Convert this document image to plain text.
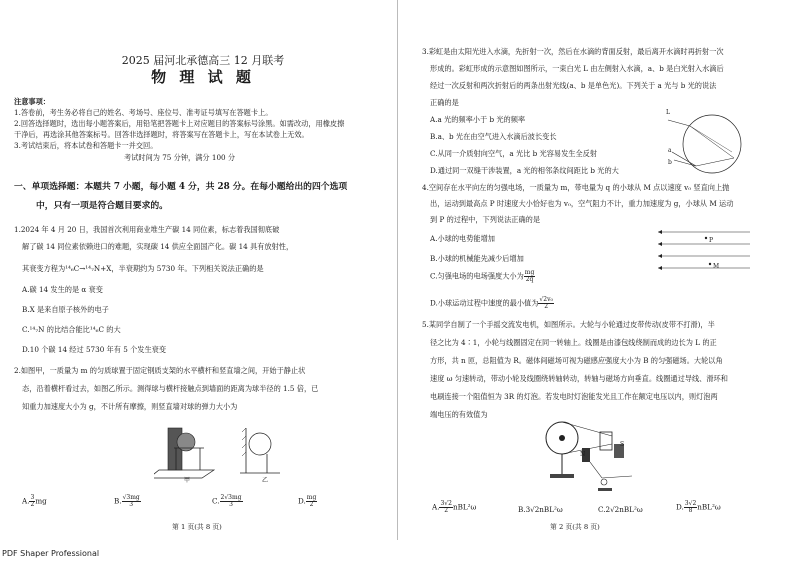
2025 届河北承德高三 12 月联考
物 理 试 题
注意事项：
1.答卷前，考生务必将自己的姓名、考场号、座位号、准考证号填写在答题卡上。
2.回答选择题时，选出每小题答案后，用铅笔把答题卡上对应题目的答案标号涂黑。如需改动，用橡皮擦
干净后，再选涂其他答案标号。回答非选择题时，将答案写在答题卡上，写在本试卷上无效。
3.考试结束后，将本试卷和答题卡一并交回。
考试时间为 75 分钟，满分 100 分
一、单项选择题：本题共 7 小题，每小题 4 分，共 28 分。在每小题给出的四个选项
中，只有一项是符合题目要求的。
1.2024 年 4 月 20 日，我国首次利用商业堆生产碳 14 同位素，标志着我国彻底破
解了碳 14 同位素依赖进口的难题，实现碳 14 供应全面国产化。碳 14 具有放射性，
其衰变方程为¹⁴₆C→¹⁴₇N+X，半衰期约为 5730 年。下列相关说法正确的是
A.碳 14 发生的是 α 衰变
B.X 是来自原子核外的电子
C.¹⁴₇N 的比结合能比¹⁴₆C 的大
D.10 个碳 14 经过 5730 年有 5 个发生衰变
2.如图甲，一质量为 m 的匀质球置于固定钢质支架的水平横杆和竖直墙之间，开始于静止状
态，沿着横杆看过去，如图乙所示。测得球与横杆接触点到墙面的距离为球半径的 1.5 倍，已
知重力加速度大小为 g，不计所有摩擦，则竖直墙对球的弹力大小为
甲	乙
A. $\frac{3}{2}$ mg	B. $\frac{√3mg}{3}$	C. $\frac{2√3mg}{3}$	D. $\frac{mg}{2}$
第 1 页(共 8 页)
3.彩虹是由太阳光进入水滴，先折射一次，然后在水滴的背面反射，最后离开水滴时再折射一次
形成的。彩虹形成的示意图如图所示，一束白光 L 由左侧射入水滴，a、b 是白光射入水滴后
经过一次反射和两次折射后的两条出射光线(a、b 是单色光)。下列关于 a 光与 b 光的说法
正确的是
A.a 光的频率小于 b 光的频率
B.a、b 光在由空气进入水滴后波长变长
C.从同一介质射向空气，a 光比 b 光容易发生全反射
D.通过同一双缝干涉装置，a 光的相邻条纹间距比 b 光的大
L
a
b
4.空间存在水平向左的匀强电场，一质量为 m，带电量为 q 的小球从 M 点以速度 v₀ 竖直向上抛
出，运动到最高点 P 时速度大小恰好也为 v₀，空气阻力不计，重力加速度为 g，小球从 M 运动
到 P 的过程中，下列说法正确的是
A.小球的电势能增加
B.小球的机械能先减少后增加
C.匀强电场的电场强度大小为 $\frac{mg}{2q}$
D.小球运动过程中速度的最小值为 $\frac{\text{√2v₀}}{2}$
P
M
5.某同学自制了一个手摇交流发电机，如图所示。大轮与小轮通过皮带传动(皮带不打滑)，半
径之比为 4∶1，小轮与线圈固定在同一转轴上。线圈是由漆包线绕制而成的边长为 L 的正
方形，共 n 匝，总阻值为 R。磁体间磁场可视为磁感应强度大小为 B 的匀强磁场。大轮以角
速度 ω 匀速转动，带动小轮及线圈绕转轴转动，转轴与磁场方向垂直。线圈通过导线、滑环和
电刷连接一个阻值恒为 3R 的灯泡。若发电时灯泡能发光且工作在额定电压以内，则灯泡两
端电压的有效值为
N
S
A. $\frac{3√2}{2} nBL^2\omega$	B.3√2nBL²ω	C.2√2nBL²ω	D. $\frac{3√2}{8} nBL^2\omega$
第 2 页(共 8 页)
PDF Shaper Professional
